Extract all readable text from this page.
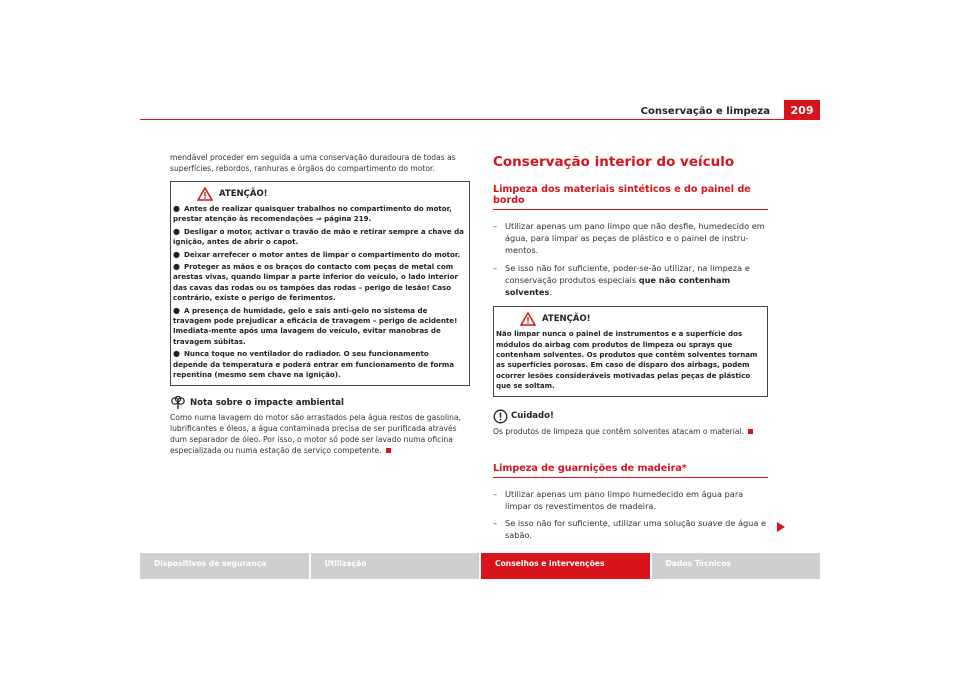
Conservação e limpeza	209

mendável proceder em seguida a uma conservação duradoura de todas as superfícies, rebordos, ranhuras e órgãos do compartimento do motor.

ATENÇÃO!

● Antes de realizar quaisquer trabalhos no compartimento do motor, prestar atenção às recomendações ⇒ página 219.

● Desligar o motor, activar o travão de mão e retirar sempre a chave da ignição, antes de abrir o capot.

● Deixar arrefecer o motor antes de limpar o compartimento do motor.

● Proteger as mãos e os braços do contacto com peças de metal com arestas vivas, quando limpar a parte inferior do veículo, o lado interior das cavas das rodas ou os tampões das rodas – perigo de lesão! Caso contrário, existe o perigo de ferimentos.

● A presença de humidade, gelo e sais anti-gelo no sistema de travagem pode prejudicar a eficácia de travagem – perigo de acidente! Imediata-mente após uma lavagem do veículo, evitar manobras de travagem súbitas.

● Nunca toque no ventilador do radiador. O seu funcionamento depende da temperatura e poderá entrar em funcionamento de forma repentina (mesmo sem chave na ignição).

Nota sobre o impacte ambiental

Como numa lavagem do motor são arrastados pela água restos de gasolina, lubrificantes e óleos, a água contaminada precisa de ser purificada através dum separador de óleo. Por isso, o motor só pode ser lavado numa oficina especializada ou numa estação de serviço competente.

Conservação interior do veículo
Limpeza dos materiais sintéticos e do painel de bordo
– Utilizar apenas um pano limpo que não desfie, humedecido em água, para limpar as peças de plástico e o painel de instru-mentos.
– Se isso não for suficiente, poder-se-ão utilizar, na limpeza e conservação produtos especiais que não contenham solventes.
ATENÇÃO!

Não limpar nunca o painel de instrumentos e a superfície dos módulos do airbag com produtos de limpeza ou sprays que contenham solventes. Os produtos que contêm solventes tornam as superfícies porosas. Em caso de disparo dos airbags, podem ocorrer lesões consideráveis motivadas pelas peças de plástico que se soltam.

Cuidado!

Os produtos de limpeza que contêm solventes atacam o material.

Limpeza de guarnições de madeira*
– Utilizar apenas um pano limpo humedecido em água para limpar os revestimentos de madeira.
– Se isso não for suficiente, utilizar uma solução suave de água e sabão.
Dispositivos de segurança	Utilização	Conselhos e intervenções	Dados Técnicos
